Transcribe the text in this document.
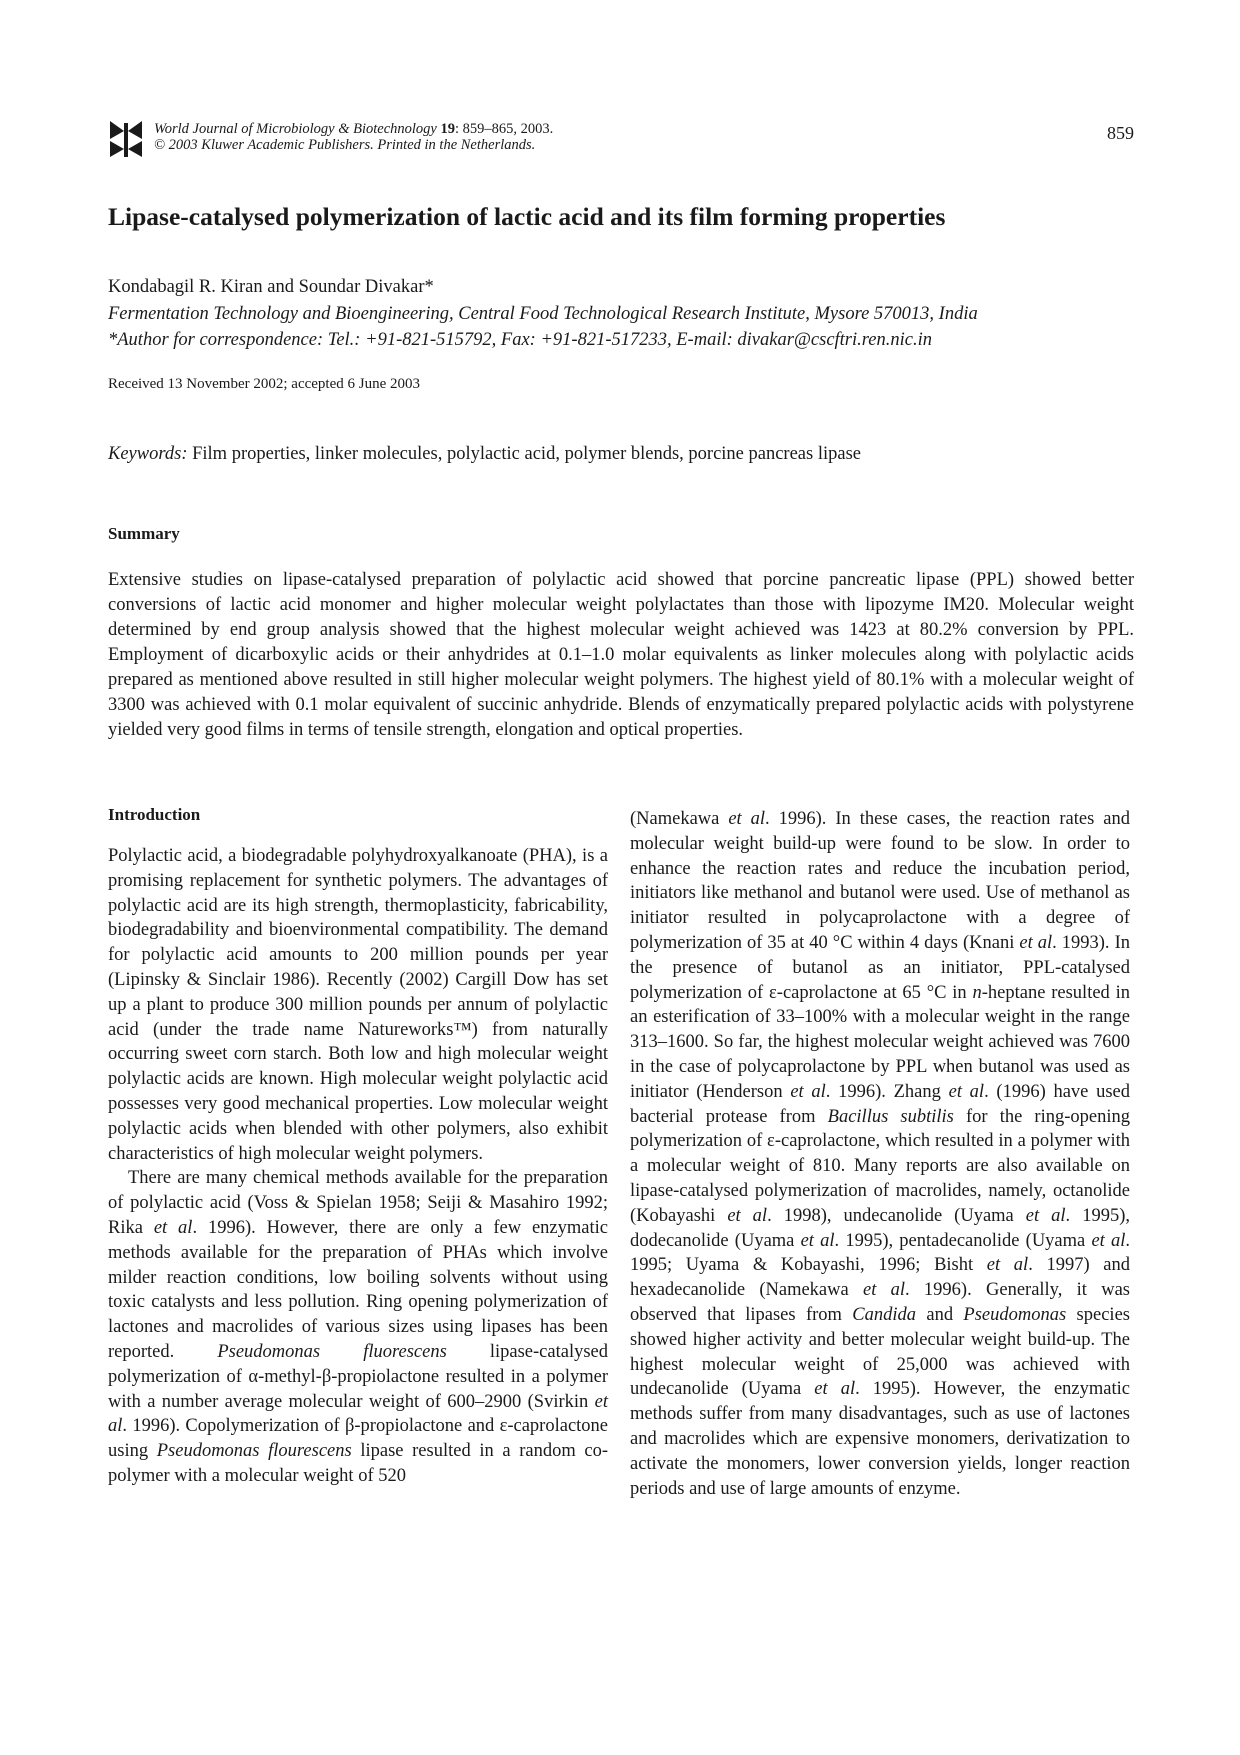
World Journal of Microbiology & Biotechnology 19: 859–865, 2003.
© 2003 Kluwer Academic Publishers. Printed in the Netherlands.
859
Lipase-catalysed polymerization of lactic acid and its film forming properties
Kondabagil R. Kiran and Soundar Divakar*
Fermentation Technology and Bioengineering, Central Food Technological Research Institute, Mysore 570013, India
*Author for correspondence: Tel.: +91-821-515792, Fax: +91-821-517233, E-mail: divakar@cscftri.ren.nic.in
Received 13 November 2002; accepted 6 June 2003
Keywords: Film properties, linker molecules, polylactic acid, polymer blends, porcine pancreas lipase
Summary
Extensive studies on lipase-catalysed preparation of polylactic acid showed that porcine pancreatic lipase (PPL) showed better conversions of lactic acid monomer and higher molecular weight polylactates than those with lipozyme IM20. Molecular weight determined by end group analysis showed that the highest molecular weight achieved was 1423 at 80.2% conversion by PPL. Employment of dicarboxylic acids or their anhydrides at 0.1–1.0 molar equivalents as linker molecules along with polylactic acids prepared as mentioned above resulted in still higher molecular weight polymers. The highest yield of 80.1% with a molecular weight of 3300 was achieved with 0.1 molar equivalent of succinic anhydride. Blends of enzymatically prepared polylactic acids with polystyrene yielded very good films in terms of tensile strength, elongation and optical properties.
Introduction

Polylactic acid, a biodegradable polyhydroxyalkanoate (PHA), is a promising replacement for synthetic polymers. The advantages of polylactic acid are its high strength, thermoplasticity, fabricability, biodegradability and bioenvironmental compatibility. The demand for polylactic acid amounts to 200 million pounds per year (Lipinsky & Sinclair 1986). Recently (2002) Cargill Dow has set up a plant to produce 300 million pounds per annum of polylactic acid (under the trade name Natureworks™) from naturally occurring sweet corn starch. Both low and high molecular weight polylactic acids are known. High molecular weight polylactic acid possesses very good mechanical properties. Low molecular weight polylactic acids when blended with other polymers, also exhibit characteristics of high molecular weight polymers.

There are many chemical methods available for the preparation of polylactic acid (Voss & Spielan 1958; Seiji & Masahiro 1992; Rika et al. 1996). However, there are only a few enzymatic methods available for the preparation of PHAs which involve milder reaction conditions, low boiling solvents without using toxic catalysts and less pollution. Ring opening polymerization of lactones and macrolides of various sizes using lipases has been reported. Pseudomonas fluorescens lipase-catalysed polymerization of α-methyl-β-propiolactone resulted in a polymer with a number average molecular weight of 600–2900 (Svirkin et al. 1996). Copolymerization of β-propiolactone and ε-caprolactone using Pseudomonas flourescens lipase resulted in a random co-polymer with a molecular weight of 520

(Namekawa et al. 1996). In these cases, the reaction rates and molecular weight build-up were found to be slow. In order to enhance the reaction rates and reduce the incubation period, initiators like methanol and butanol were used. Use of methanol as initiator resulted in polycaprolactone with a degree of polymerization of 35 at 40 °C within 4 days (Knani et al. 1993). In the presence of butanol as an initiator, PPL-catalysed polymerization of ε-caprolactone at 65 °C in n-heptane resulted in an esterification of 33–100% with a molecular weight in the range 313–1600. So far, the highest molecular weight achieved was 7600 in the case of polycaprolactone by PPL when butanol was used as initiator (Henderson et al. 1996). Zhang et al. (1996) have used bacterial protease from Bacillus subtilis for the ring-opening polymerization of ε-caprolactone, which resulted in a polymer with a molecular weight of 810. Many reports are also available on lipase-catalysed polymerization of macrolides, namely, octanolide (Kobayashi et al. 1998), undecanolide (Uyama et al. 1995), dodecanolide (Uyama et al. 1995), pentadecanolide (Uyama et al. 1995; Uyama & Kobayashi, 1996; Bisht et al. 1997) and hexadecanolide (Namekawa et al. 1996). Generally, it was observed that lipases from Candida and Pseudomonas species showed higher activity and better molecular weight build-up. The highest molecular weight of 25,000 was achieved with undecanolide (Uyama et al. 1995). However, the enzymatic methods suffer from many disadvantages, such as use of lactones and macrolides which are expensive monomers, derivatization to activate the monomers, lower conversion yields, longer reaction periods and use of large amounts of enzyme.
